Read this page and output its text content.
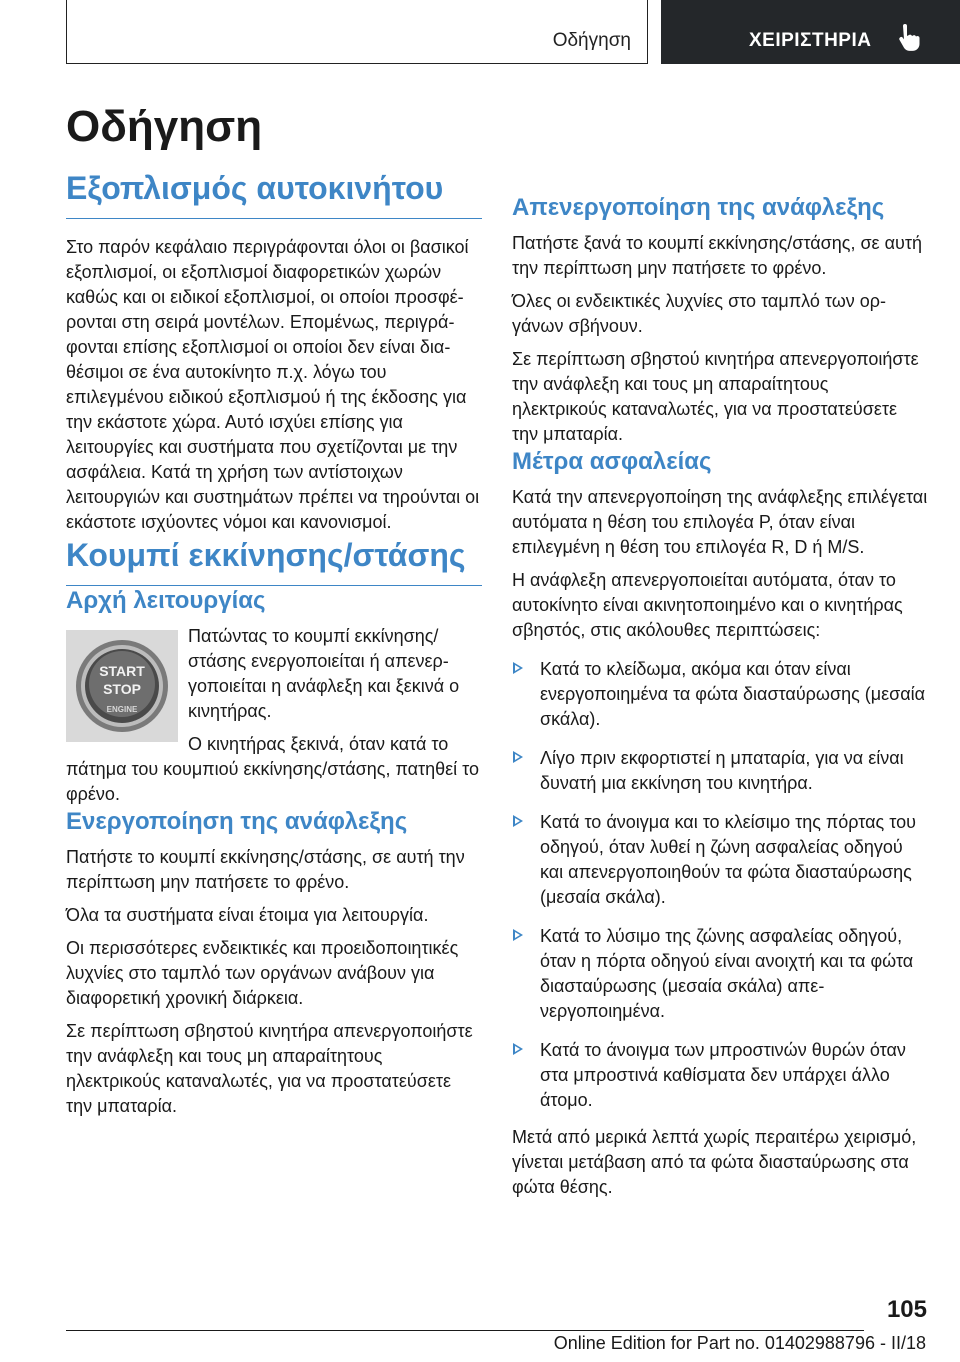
Οδήγηση	ΧΕΙΡΙΣΤΗΡΙΑ
Οδήγηση
Εξοπλισμός αυτοκινήτου

Στο παρόν κεφάλαιο περιγράφονται όλοι οι βασικοί εξοπλισμοί, οι εξοπλισμοί διαφορετικών χωρών καθώς και οι ειδικοί εξοπλισμοί, οι οποίοι προσφέρονται στη σειρά μοντέλων. Επομένως, περιγράφονται επίσης εξοπλισμοί οι οποίοι δεν είναι διαθέσιμοι σε ένα αυτοκίνητο π.χ. λόγω του επιλεγμένου ειδικού εξοπλισμού ή της έκδοσης για την εκάστοτε χώρα. Αυτό ισχύει επίσης για λειτουργίες και συστήματα που σχετίζονται με την ασφάλεια. Κατά τη χρήση των αντίστοιχων λειτουργιών και συστημάτων πρέπει να τηρούνται οι εκάστοτε ισχύοντες νόμοι και κανονισμοί.

Κουμπί εκκίνησης/στάσης
Αρχή λειτουργίας
START
STOP
ENGINE

Πατώντας το κουμπί εκκίνησης/στάσης ενεργοποιείται ή απενεργοποιείται η ανάφλεξη και ξεκινά ο κινητήρας.

Ο κινητήρας ξεκινά, όταν κατά το πάτημα του κουμπιού εκκίνησης/στάσης, πατηθεί το φρένο.

Ενεργοποίηση της ανάφλεξης

Πατήστε το κουμπί εκκίνησης/στάσης, σε αυτή την περίπτωση μην πατήσετε το φρένο.

Όλα τα συστήματα είναι έτοιμα για λειτουργία.

Οι περισσότερες ενδεικτικές και προειδοποιητικές λυχνίες στο ταμπλό των οργάνων ανάβουν για διαφορετική χρονική διάρκεια.

Σε περίπτωση σβηστού κινητήρα απενεργοποιήστε την ανάφλεξη και τους μη απαραίτητους ηλεκτρικούς καταναλωτές, για να προστατεύσετε την μπαταρία.

Απενεργοποίηση της ανάφλεξης

Πατήστε ξανά το κουμπί εκκίνησης/στάσης, σε αυτή την περίπτωση μην πατήσετε το φρένο.

Όλες οι ενδεικτικές λυχνίες στο ταμπλό των οργάνων σβήνουν.

Σε περίπτωση σβηστού κινητήρα απενεργοποιήστε την ανάφλεξη και τους μη απαραίτητους ηλεκτρικούς καταναλωτές, για να προστατεύσετε την μπαταρία.

Μέτρα ασφαλείας

Κατά την απενεργοποίηση της ανάφλεξης επιλέγεται αυτόματα η θέση του επιλογέα P, όταν είναι επιλεγμένη η θέση του επιλογέα R, D ή M/S.

Η ανάφλεξη απενεργοποιείται αυτόματα, όταν το αυτοκίνητο είναι ακινητοποιημένο και ο κινητήρας σβηστός, στις ακόλουθες περιπτώσεις:

Κατά το κλείδωμα, ακόμα και όταν είναι ενεργοποιημένα τα φώτα διασταύρωσης (μεσαία σκάλα).
Λίγο πριν εκφορτιστεί η μπαταρία, για να είναι δυνατή μια εκκίνηση του κινητήρα.
Κατά το άνοιγμα και το κλείσιμο της πόρτας του οδηγού, όταν λυθεί η ζώνη ασφαλείας οδηγού και απενεργοποιηθούν τα φώτα διασταύρωσης (μεσαία σκάλα).
Κατά το λύσιμο της ζώνης ασφαλείας οδηγού, όταν η πόρτα οδηγού είναι ανοιχτή και τα φώτα διασταύρωσης (μεσαία σκάλα) απενεργοποιημένα.
Κατά το άνοιγμα των μπροστινών θυρών όταν στα μπροστινά καθίσματα δεν υπάρχει άλλο άτομο.

Μετά από μερικά λεπτά χωρίς περαιτέρω χειρισμό, γίνεται μετάβαση από τα φώτα διασταύρωσης στα φώτα θέσης.

105
Online Edition for Part no. 01402988796 - II/18
